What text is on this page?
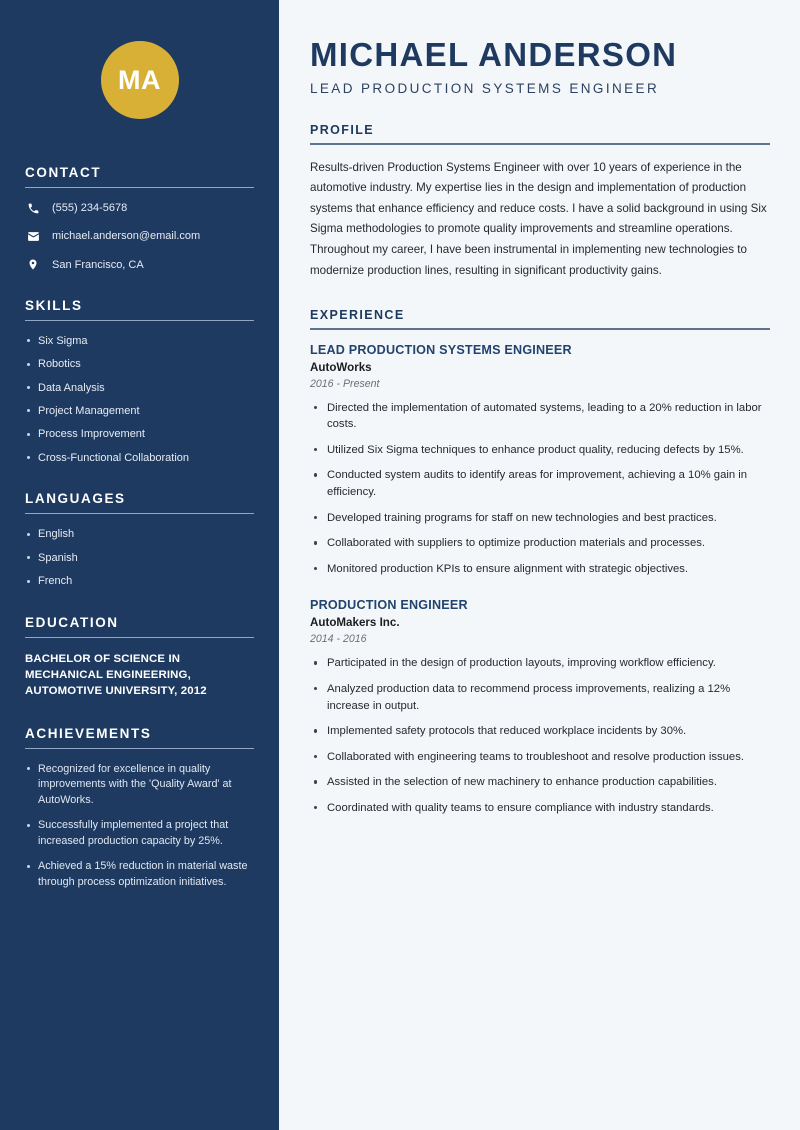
MA
CONTACT
(555) 234-5678
michael.anderson@email.com
San Francisco, CA
SKILLS
Six Sigma
Robotics
Data Analysis
Project Management
Process Improvement
Cross-Functional Collaboration
LANGUAGES
English
Spanish
French
EDUCATION
BACHELOR OF SCIENCE IN MECHANICAL ENGINEERING, AUTOMOTIVE UNIVERSITY, 2012
ACHIEVEMENTS
Recognized for excellence in quality improvements with the 'Quality Award' at AutoWorks.
Successfully implemented a project that increased production capacity by 25%.
Achieved a 15% reduction in material waste through process optimization initiatives.
MICHAEL ANDERSON
LEAD PRODUCTION SYSTEMS ENGINEER
PROFILE

Results-driven Production Systems Engineer with over 10 years of experience in the automotive industry. My expertise lies in the design and implementation of production systems that enhance efficiency and reduce costs. I have a solid background in using Six Sigma methodologies to promote quality improvements and streamline operations. Throughout my career, I have been instrumental in implementing new technologies to modernize production lines, resulting in significant productivity gains.

EXPERIENCE
LEAD PRODUCTION SYSTEMS ENGINEER
AutoWorks
2016 - Present
Directed the implementation of automated systems, leading to a 20% reduction in labor costs.
Utilized Six Sigma techniques to enhance product quality, reducing defects by 15%.
Conducted system audits to identify areas for improvement, achieving a 10% gain in efficiency.
Developed training programs for staff on new technologies and best practices.
Collaborated with suppliers to optimize production materials and processes.
Monitored production KPIs to ensure alignment with strategic objectives.
PRODUCTION ENGINEER
AutoMakers Inc.
2014 - 2016
Participated in the design of production layouts, improving workflow efficiency.
Analyzed production data to recommend process improvements, realizing a 12% increase in output.
Implemented safety protocols that reduced workplace incidents by 30%.
Collaborated with engineering teams to troubleshoot and resolve production issues.
Assisted in the selection of new machinery to enhance production capabilities.
Coordinated with quality teams to ensure compliance with industry standards.
